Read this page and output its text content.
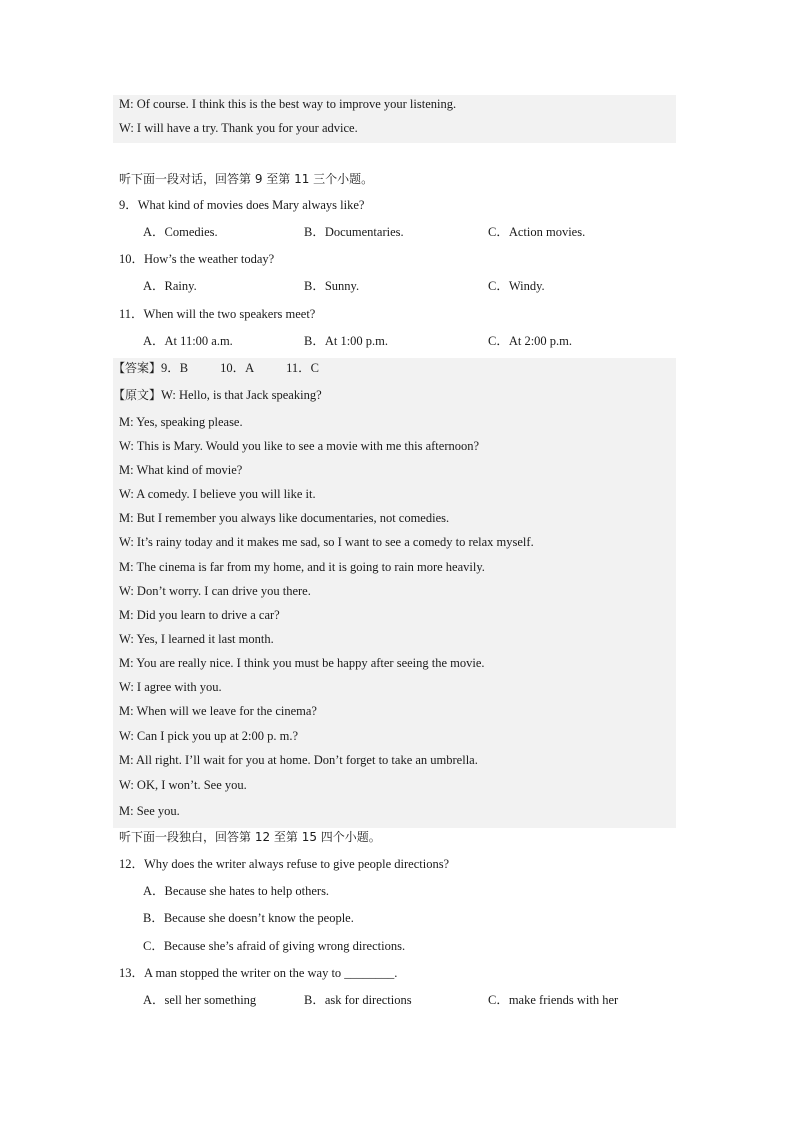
M: Of course. I think this is the best way to improve your listening.
W: I will have a try. Thank you for your advice.
听下面一段对话，回答第 9 至第 11 三个小题。
9．What kind of movies does Mary always like?
A．Comedies.	B．Documentaries.	C．Action movies.
10．How’s the weather today?
A．Rainy.	B．Sunny.	C．Windy.
11．When will the two speakers meet?
A．At 11:00 a.m.	B．At 1:00 p.m.	C．At 2:00 p.m.
【答案】9．B	10．A	11．C
【原文】W: Hello, is that Jack speaking?
M: Yes, speaking please.
W: This is Mary. Would you like to see a movie with me this afternoon?
M: What kind of movie?
W: A comedy. I believe you will like it.
M: But I remember you always like documentaries, not comedies.
W: It’s rainy today and it makes me sad, so I want to see a comedy to relax myself.
M: The cinema is far from my home, and it is going to rain more heavily.
W: Don’t worry. I can drive you there.
M: Did you learn to drive a car?
W: Yes, I learned it last month.
M: You are really nice. I think you must be happy after seeing the movie.
W: I agree with you.
M: When will we leave for the cinema?
W: Can I pick you up at 2:00 p. m.?
M: All right. I’ll wait for you at home. Don’t forget to take an umbrella.
W: OK, I won’t. See you.
M: See you.
听下面一段独白，回答第 12 至第 15 四个小题。
12．Why does the writer always refuse to give people directions?
A．Because she hates to help others.
B．Because she doesn’t know the people.
C．Because she’s afraid of giving wrong directions.
13．A man stopped the writer on the way to ________.
A．sell her something	B．ask for directions	C．make friends with her
